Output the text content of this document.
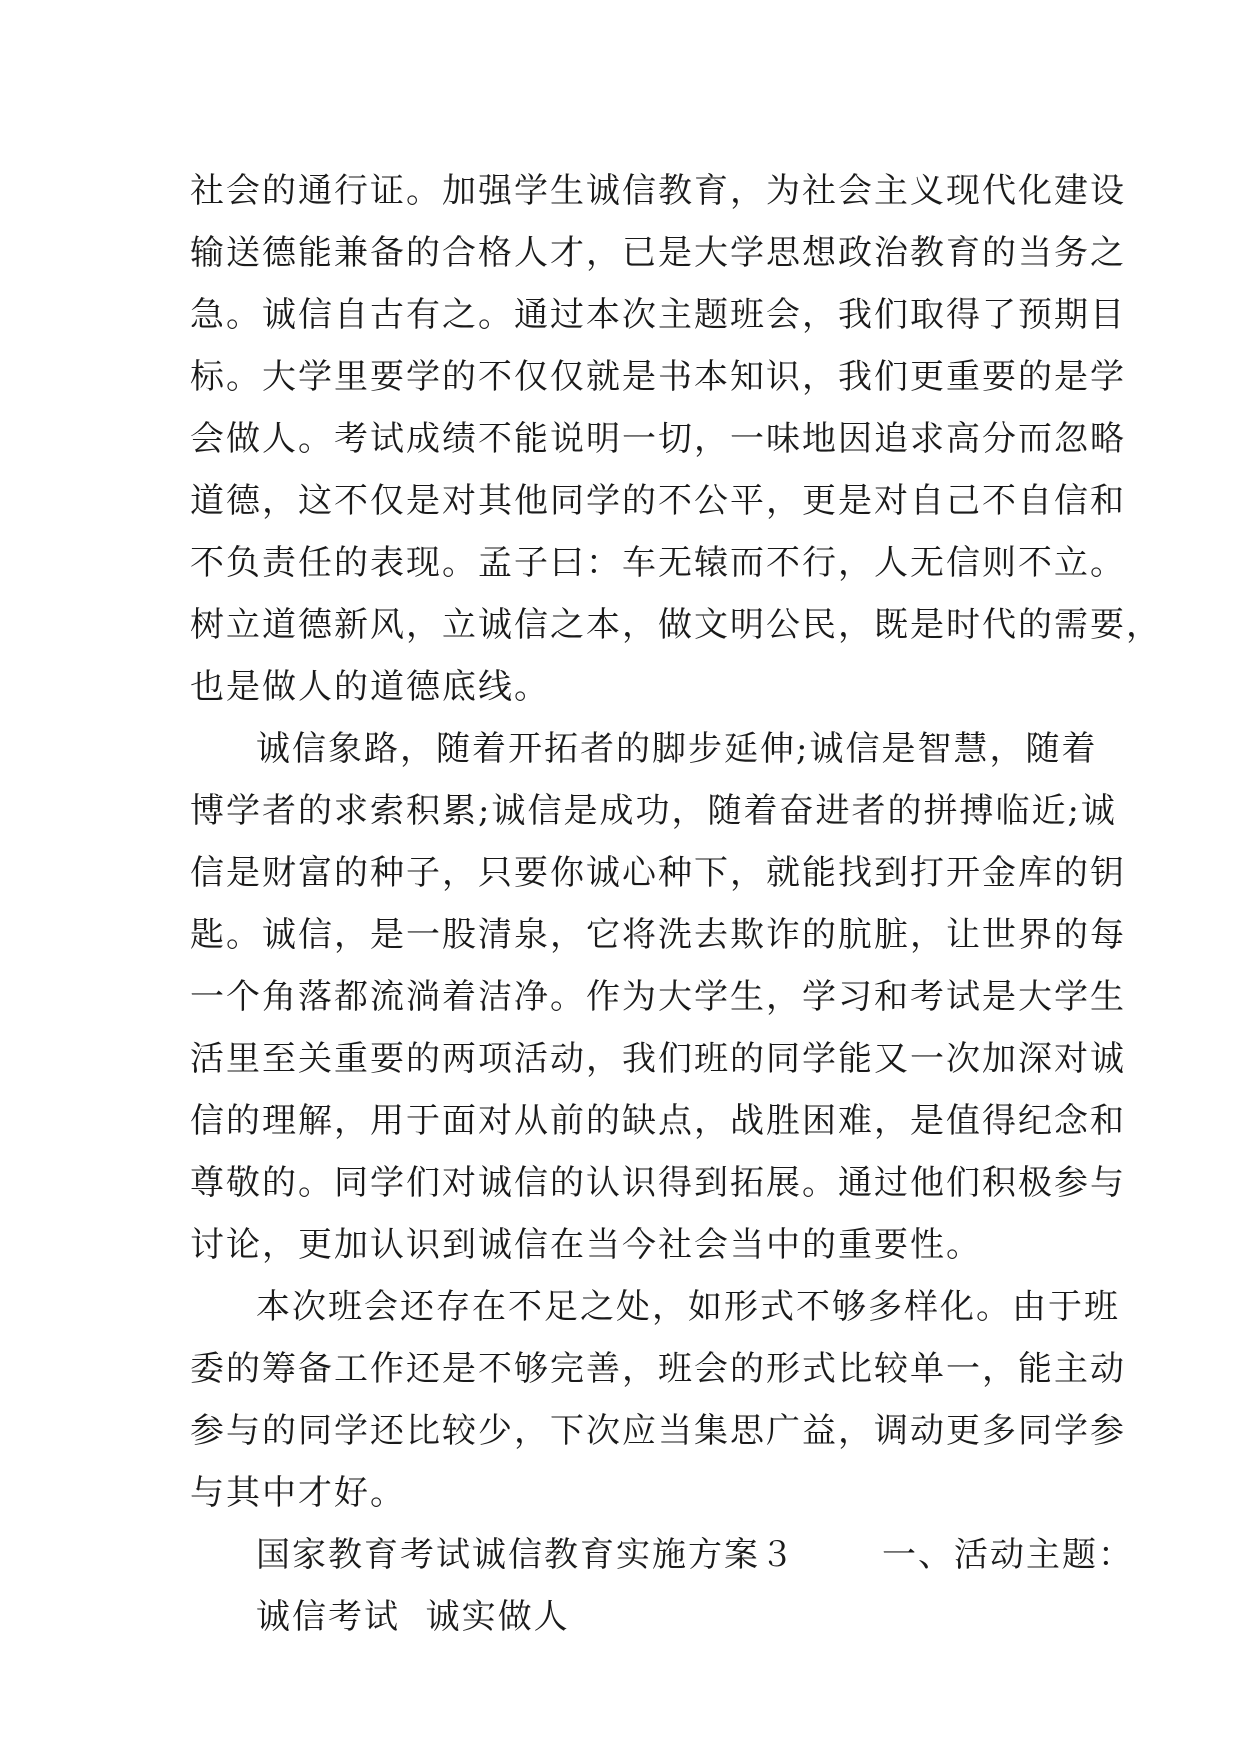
社会的通行证。加强学生诚信教育，为社会主义现代化建设
输送德能兼备的合格人才，已是大学思想政治教育的当务之
急。诚信自古有之。通过本次主题班会，我们取得了预期目
标。大学里要学的不仅仅就是书本知识，我们更重要的是学
会做人。考试成绩不能说明一切，一味地因追求高分而忽略
道德，这不仅是对其他同学的不公平，更是对自己不自信和
不负责任的表现。孟子曰：车无辕而不行，人无信则不立。
树立道德新风，立诚信之本，做文明公民，既是时代的需要，
也是做人的道德底线。
诚信象路，随着开拓者的脚步延伸;诚信是智慧，随着
博学者的求索积累;诚信是成功，随着奋进者的拼搏临近;诚
信是财富的种子，只要你诚心种下，就能找到打开金库的钥
匙。诚信，是一股清泉，它将洗去欺诈的肮脏，让世界的每
一个角落都流淌着洁净。作为大学生，学习和考试是大学生
活里至关重要的两项活动，我们班的同学能又一次加深对诚
信的理解，用于面对从前的缺点，战胜困难，是值得纪念和
尊敬的。同学们对诚信的认识得到拓展。通过他们积极参与
讨论，更加认识到诚信在当今社会当中的重要性。
本次班会还存在不足之处，如形式不够多样化。由于班
委的筹备工作还是不够完善，班会的形式比较单一，能主动
参与的同学还比较少，下次应当集思广益，调动更多同学参
与其中才好。
国家教育考试诚信教育实施方案３	一、活动主题：
诚信考试  诚实做人
